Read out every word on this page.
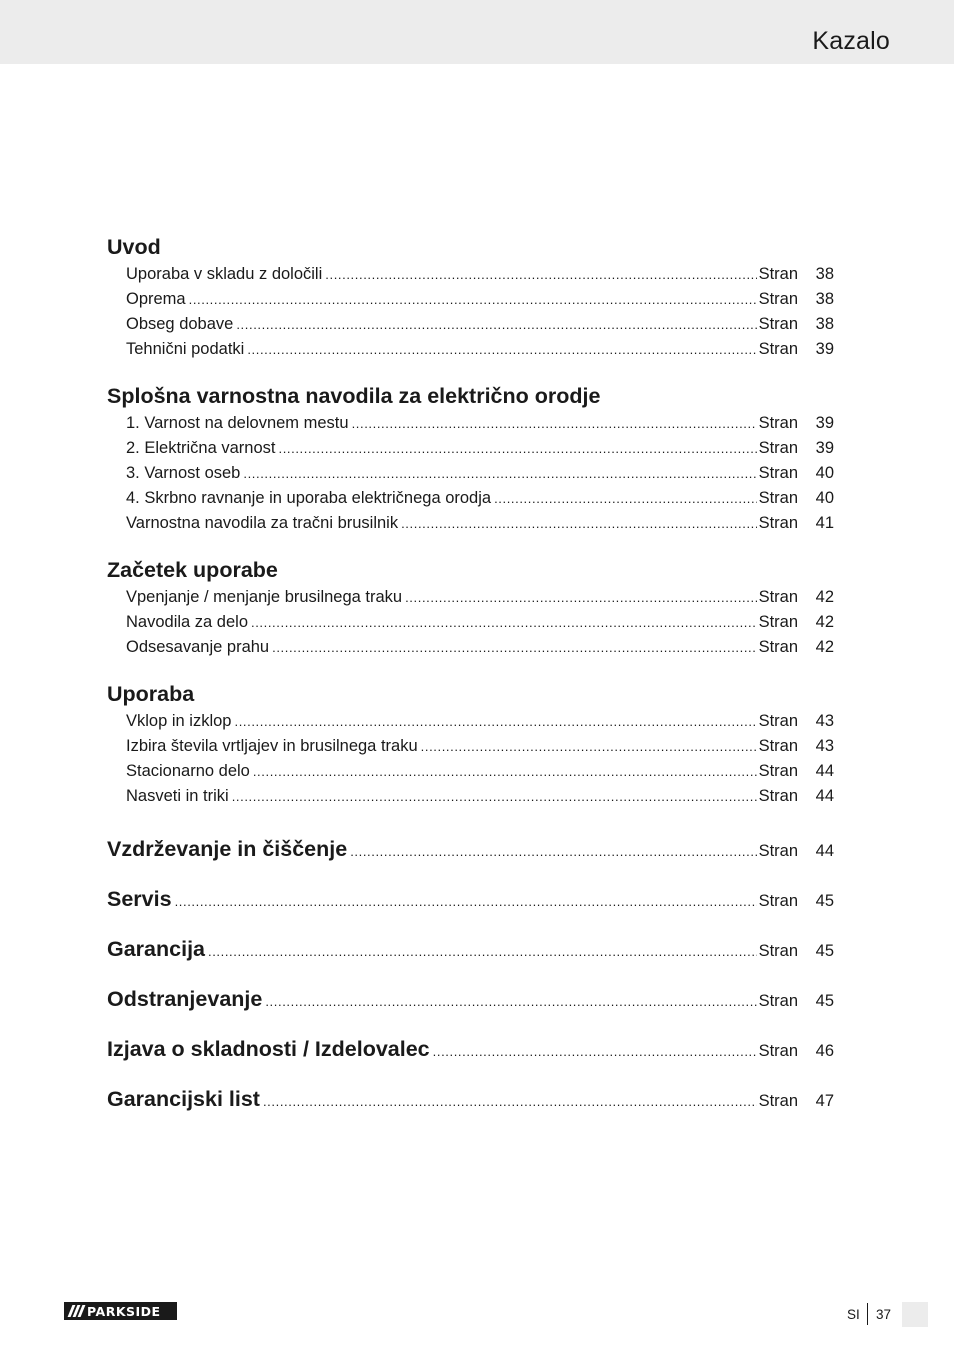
Kazalo
Uvod
Uporaba v skladu z določili .....	Stran	38
Oprema .....	Stran	38
Obseg dobave .....	Stran	38
Tehnični podatki .....	Stran	39
Splošna varnostna navodila za električno orodje
1. Varnost na delovnem mestu .....	Stran	39
2. Električna varnost .....	Stran	39
3. Varnost oseb .....	Stran	40
4. Skrbno ravnanje in uporaba električnega orodja .....	Stran	40
Varnostna navodila za tračni brusilnik .....	Stran	41
Začetek uporabe
Vpenjanje / menjanje brusilnega traku .....	Stran	42
Navodila za delo .....	Stran	42
Odsesavanje prahu .....	Stran	42
Uporaba
Vklop in izklop .....	Stran	43
Izbira števila vrtljajev in brusilnega traku .....	Stran	43
Stacionarno delo .....	Stran	44
Nasveti in triki .....	Stran	44
Vzdrževanje in čiščenje .....	Stran	44
Servis .....	Stran	45
Garancija .....	Stran	45
Odstranjevanje .....	Stran	45
Izjava o skladnosti / Izdelovalec .....	Stran	46
Garancijski list .....	Stran	47
PARKSIDE	SI 37
